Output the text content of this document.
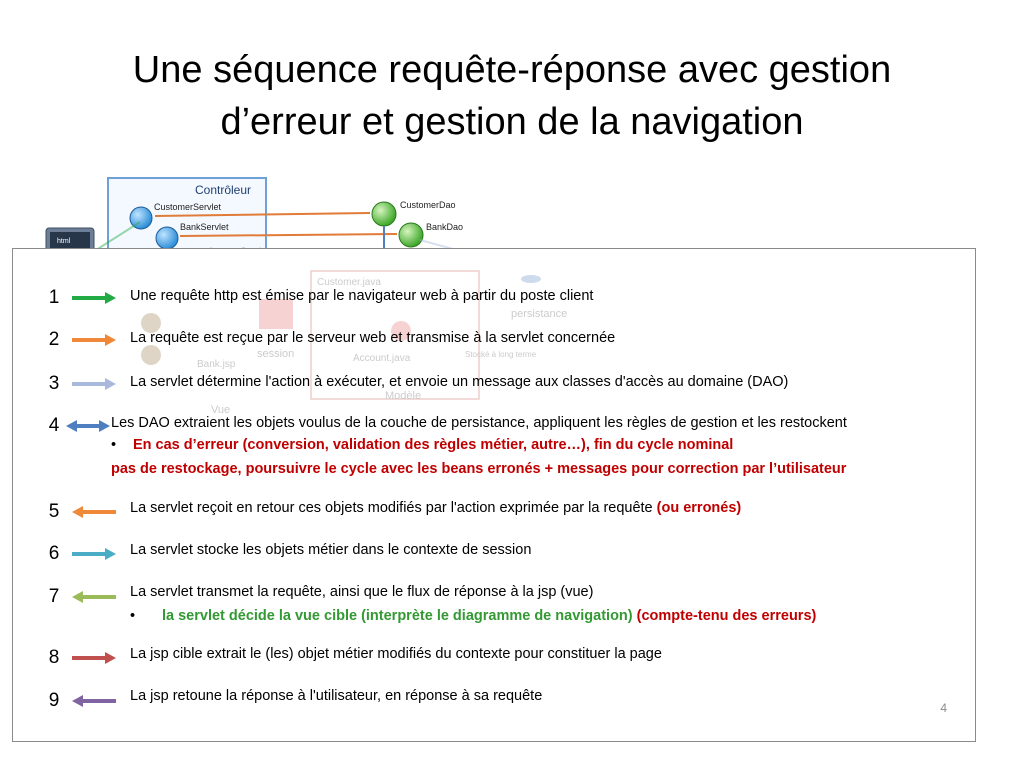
Une séquence requête-réponse avec gestion
d’erreur et gestion de la navigation
Contrôleur
html
CustomerServlet
BankServlet
CustomerDao
BankDao
Customer.java
Account.java
Modèle
session
Bank.jsp
Vue
persistance
Stocké à long terme
1	Une requête http est émise par le navigateur web à partir du poste client
2	La requête est reçue par le serveur web et transmise à la servlet concernée
3	La servlet détermine l'action à exécuter, et envoie un message aux classes d'accès au domaine (DAO)
4	Les DAO extraient les objets voulus de la couche de persistance, appliquent les règles de gestion et les restockent
• En cas d’erreur (conversion, validation des règles métier, autre…), fin du cycle nominal
pas de restockage, poursuivre le cycle avec les beans erronés + messages pour correction par l’utilisateur
5	La servlet reçoit en retour ces objets modifiés par l'action exprimée par la requête (ou erronés)
6	La servlet stocke les objets métier dans le contexte de session
7	La servlet transmet la requête, ainsi que le flux de réponse à la jsp (vue)
• la servlet décide la vue cible (interprète le diagramme de navigation) (compte-tenu des erreurs)
8	La jsp cible extrait le (les) objet métier modifiés du contexte pour constituer la page
9	La jsp retoune la réponse à l'utilisateur, en réponse à sa requête
4
